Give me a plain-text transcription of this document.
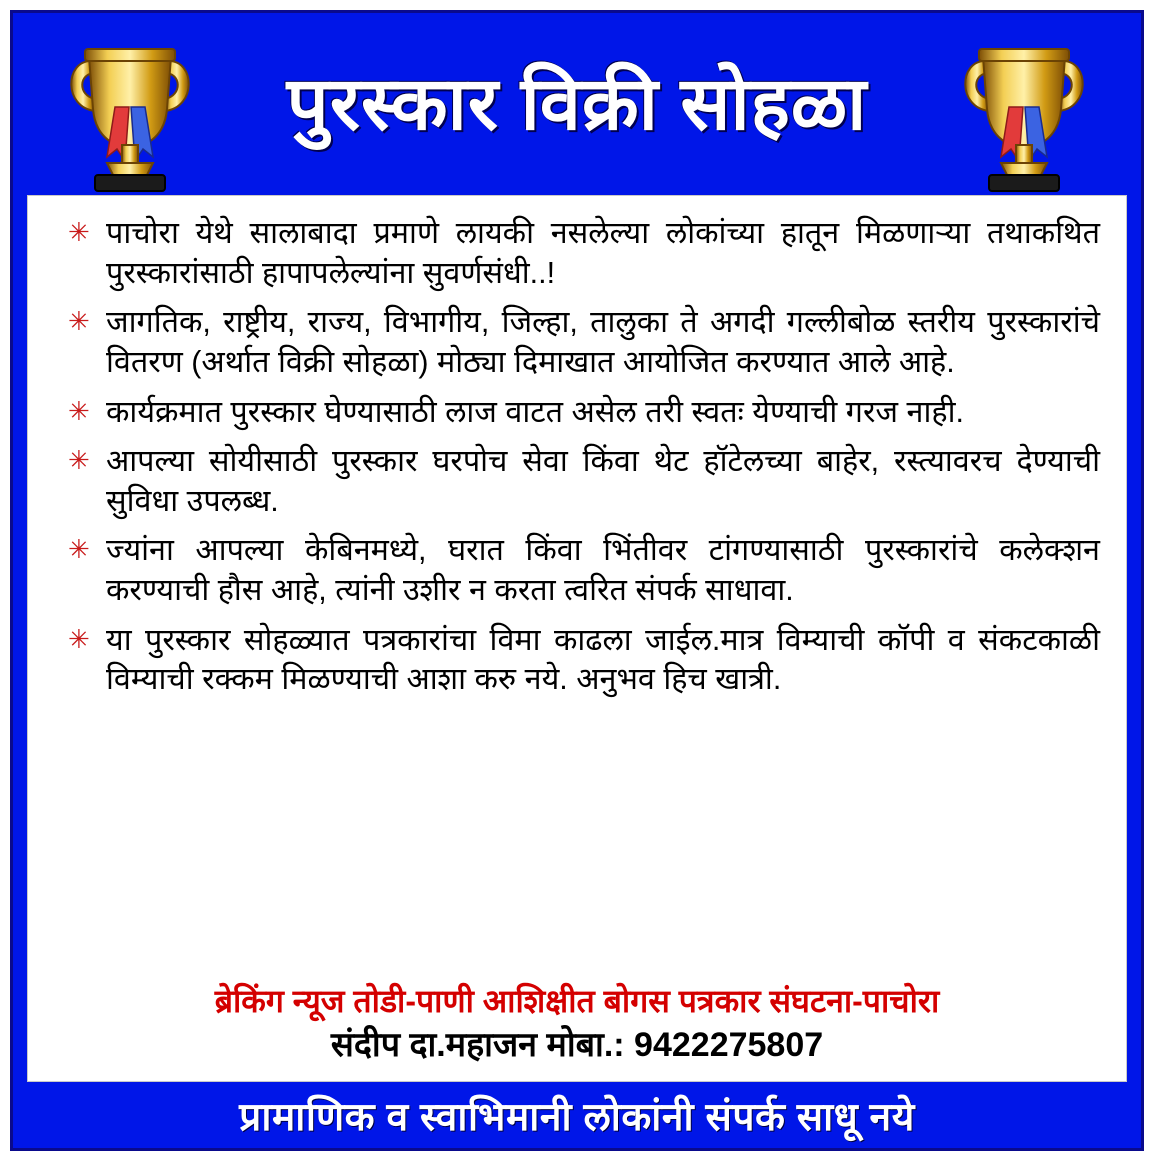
पुरस्कार विक्री सोहळा
✳ पाचोरा येथे सालाबादा प्रमाणे लायकी नसलेल्या लोकांच्या हातून मिळणाऱ्या तथाकथित पुरस्कारांसाठी हापापलेल्यांना सुवर्णसंधी..!
✳ जागतिक, राष्ट्रीय, राज्य, विभागीय, जिल्हा, तालुका ते अगदी गल्लीबोळ स्तरीय पुरस्कारांचे वितरण (अर्थात विक्री सोहळा) मोठ्या दिमाखात आयोजित करण्यात आले आहे.
✳ कार्यक्रमात पुरस्कार घेण्यासाठी लाज वाटत असेल तरी स्वतः येण्याची गरज नाही.
✳ आपल्या सोयीसाठी पुरस्कार घरपोच सेवा किंवा थेट हॉटेलच्या बाहेर, रस्त्यावरच देण्याची सुविधा उपलब्ध.
✳ ज्यांना आपल्या केबिनमध्ये, घरात किंवा भिंतीवर टांगण्यासाठी पुरस्कारांचे कलेक्शन करण्याची हौस आहे, त्यांनी उशीर न करता त्वरित संपर्क साधावा.
✳ या पुरस्कार सोहळ्यात पत्रकारांचा विमा काढला जाईल.मात्र विम्याची कॉपी व संकटकाळी विम्याची रक्कम मिळण्याची आशा करु नये. अनुभव हिच खात्री.
ब्रेकिंग न्यूज तोडी-पाणी आशिक्षीत बोगस पत्रकार संघटना-पाचोरा
संदीप दा.महाजन मोबा.: 9422275807
प्रामाणिक व स्वाभिमानी लोकांनी संपर्क साधू नये
